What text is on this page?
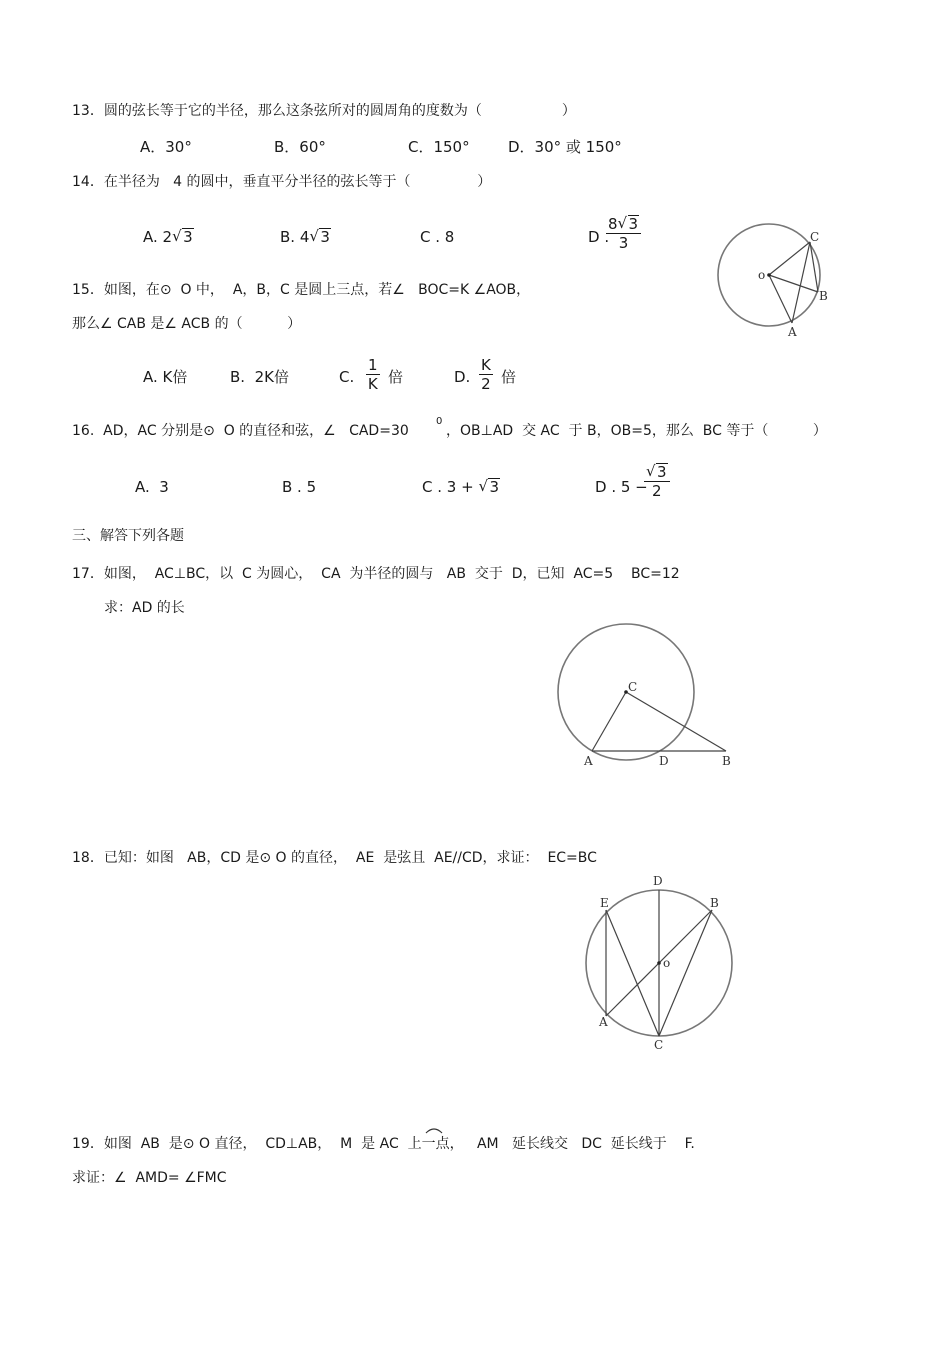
13．圆的弦长等于它的半径，那么这条弦所对的圆周角的度数为（                  ）
A．30°	B．60°	C．150°	D．30° 或 150°
14．在半径为   4 的圆中，垂直平分半径的弦长等于（               ）
A. 2 √ 3	B. 4 √ 3	C . 8	D .
$\frac{8 √ 3}{3}$
o
C
B
A
15．如图，在⊙  O 中，  A，B，C 是圆上三点，若∠   BOC=K ∠AOB，
那么∠ CAB 是∠ ACB 的（          ）
A. K倍	B.  2K倍	C. $\frac{1}{K}$ 倍	D. $\frac{K}{2}$ 倍
16.  AD，AC 分别是⊙  O 的直径和弦，∠   CAD=30
0
，OB⊥AD  交 AC  于 B，OB=5，那么  BC 等于（          ）
A.  3	B . 5	C . 3 + √ 3	D . 5 −
√ $\frac{3}{2}$
三、解答下列各题
17．如图，  AC⊥BC，以  C 为圆心，  CA  为半径的圆与   AB  交于  D，已知  AC=5    BC=12
求：AD 的长
C
A	D	B
18．已知：如图   AB，CD 是⊙ O 的直径，  AE  是弦且  AE//CD，求证：  EC=BC
o
D
E	B
A
C
19．如图  AB  是⊙ O 直径，  CD⊥AB，  M  是 AC  上一点，   AM   延长线交   DC  延长线于    F.
求证：∠  AMD= ∠FMC
